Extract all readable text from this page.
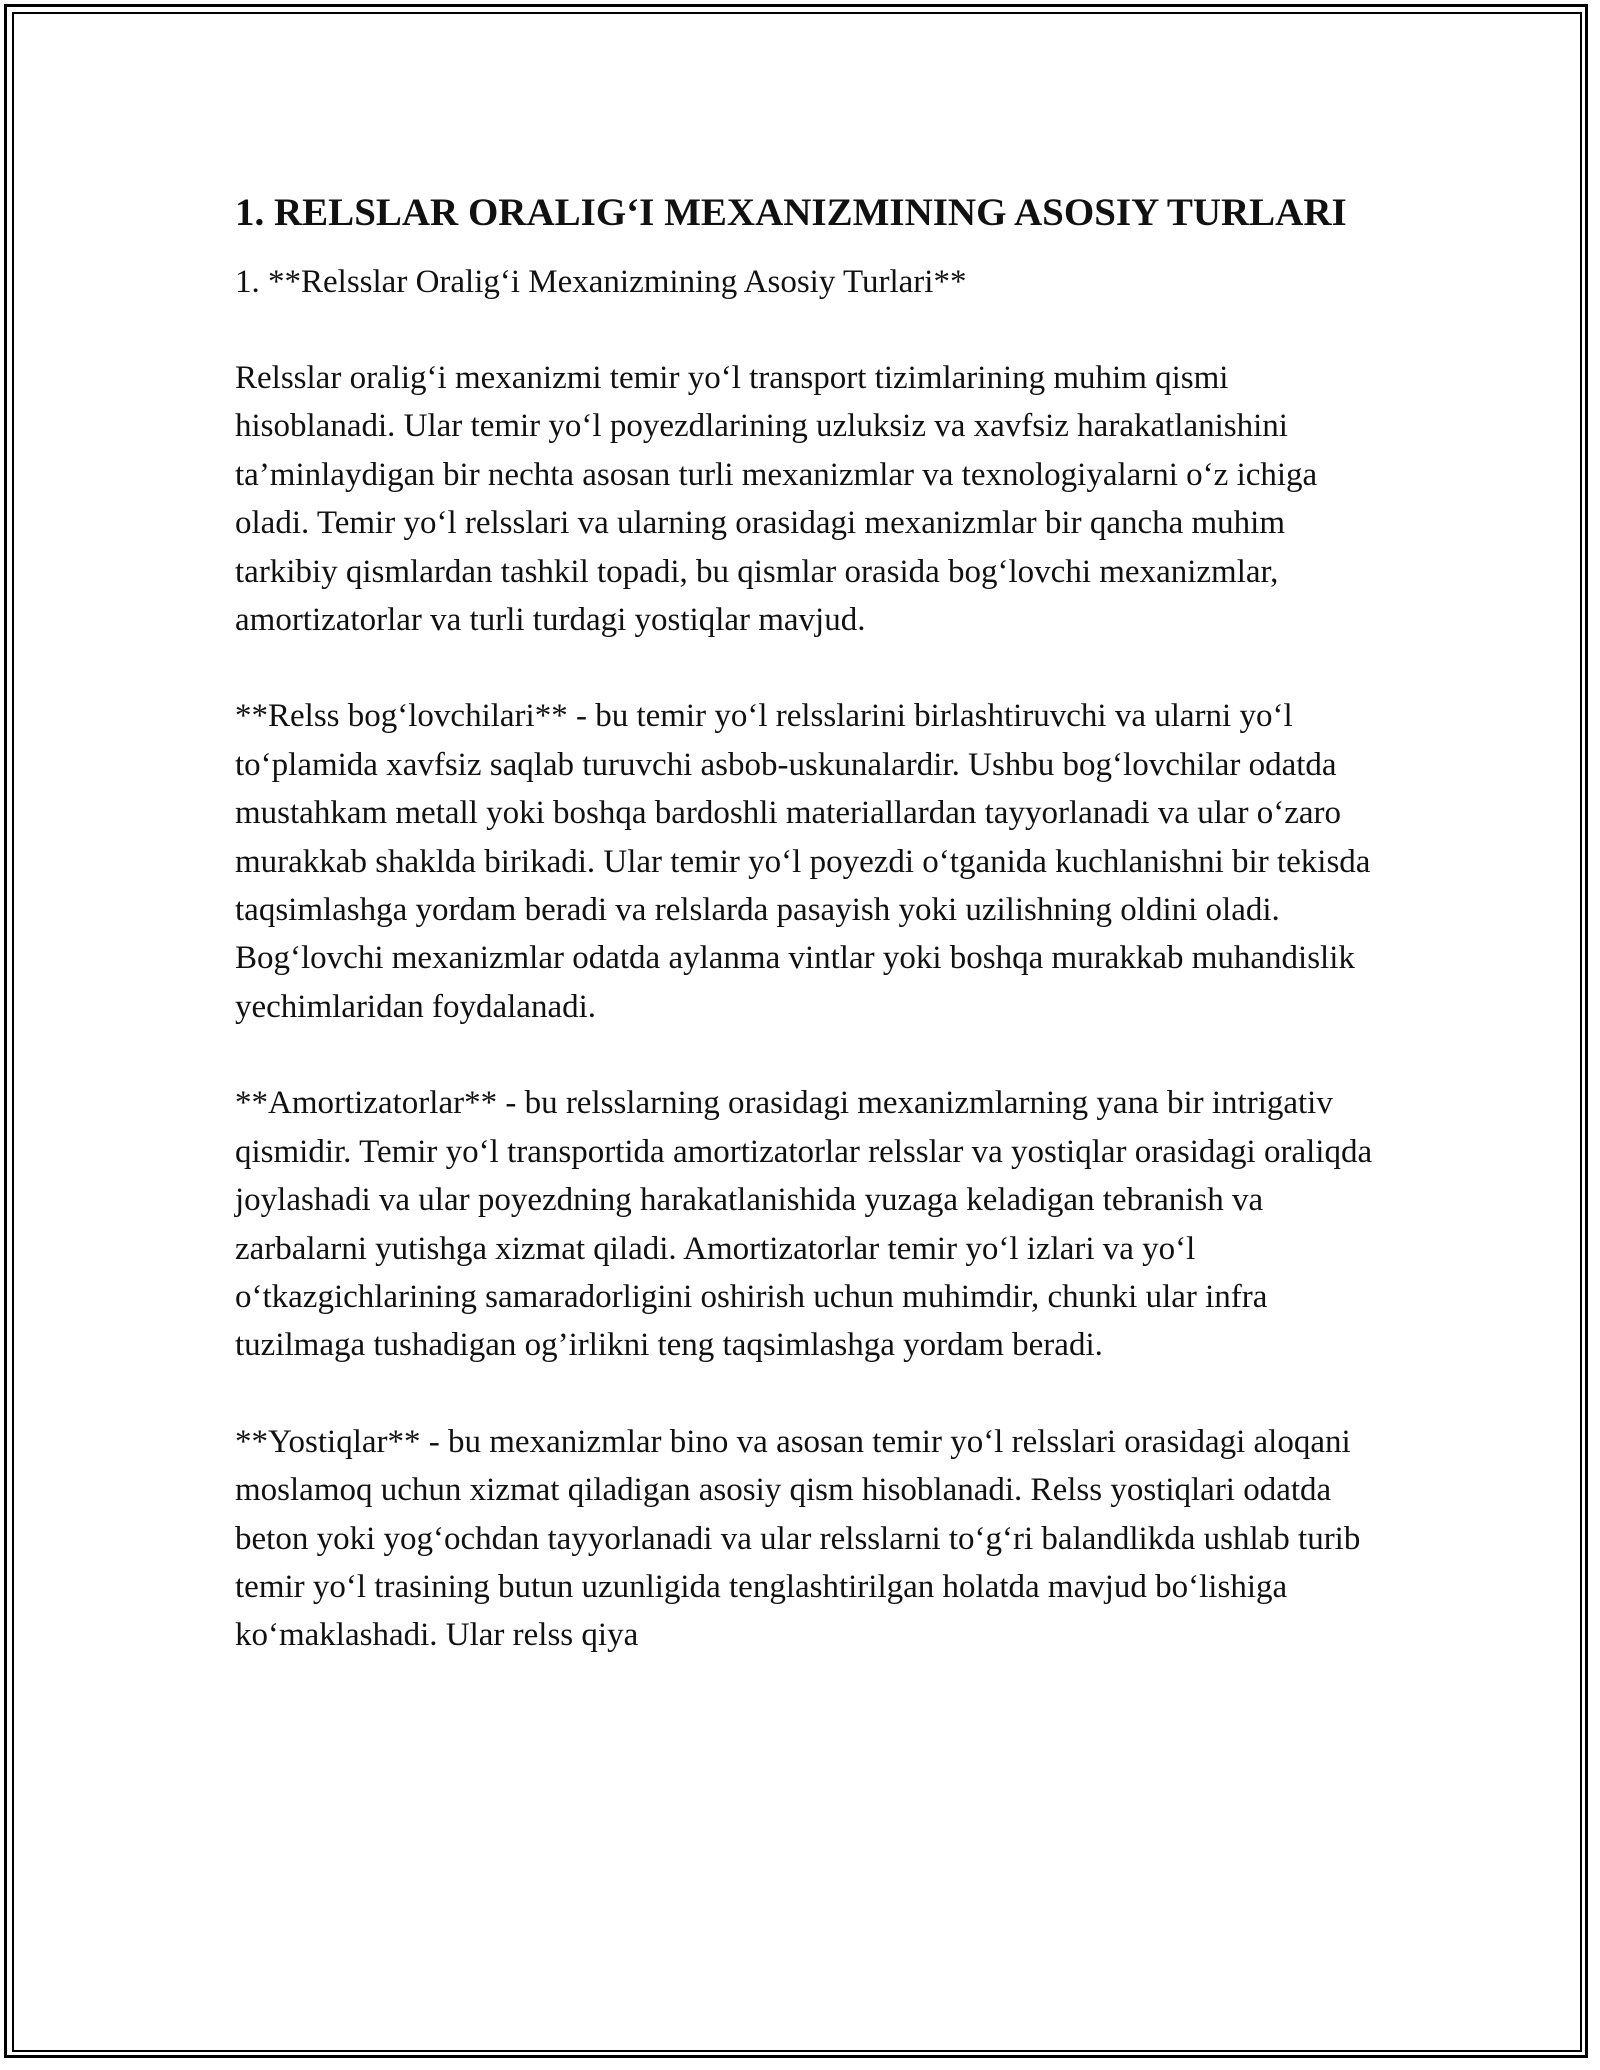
1. RELSLAR ORALIG‘I MEXANIZMINING ASOSIY TURLARI

1. **Relsslar Oralig‘i Mexanizmining Asosiy Turlari**

Relsslar oralig‘i mexanizmi temir yo‘l transport tizimlarining muhim qismi hisoblanadi. Ular temir yo‘l poyezdlarining uzluksiz va xavfsiz harakatlanishini ta’minlaydigan bir nechta asosan turli mexanizmlar va texnologiyalarni o‘z ichiga oladi. Temir yo‘l relsslari va ularning orasidagi mexanizmlar bir qancha muhim tarkibiy qismlardan tashkil topadi, bu qismlar orasida bog‘lovchi mexanizmlar, amortizatorlar va turli turdagi yostiqlar mavjud.

**Relss bog‘lovchilari** - bu temir yo‘l relsslarini birlashtiruvchi va ularni yo‘l to‘plamida xavfsiz saqlab turuvchi asbob-uskunalardir. Ushbu bog‘lovchilar odatda mustahkam metall yoki boshqa bardoshli materiallardan tayyorlanadi va ular o‘zaro murakkab shaklda birikadi. Ular temir yo‘l poyezdi o‘tganida kuchlanishni bir tekisda taqsimlashga yordam beradi va relslarda pasayish yoki uzilishning oldini oladi. Bog‘lovchi mexanizmlar odatda aylanma vintlar yoki boshqa murakkab muhandislik yechimlaridan foydalanadi.

**Amortizatorlar** - bu relsslarning orasidagi mexanizmlarning yana bir intrigativ qismidir. Temir yo‘l transportida amortizatorlar relsslar va yostiqlar orasidagi oraliqda joylashadi va ular poyezdning harakatlanishida yuzaga keladigan tebranish va zarbalarni yutishga xizmat qiladi. Amortizatorlar temir yo‘l izlari va yo‘l o‘tkazgichlarining samaradorligini oshirish uchun muhimdir, chunki ular infra tuzilmaga tushadigan og’irlikni teng taqsimlashga yordam beradi.

**Yostiqlar** - bu mexanizmlar bino va asosan temir yo‘l relsslari orasidagi aloqani moslamoq uchun xizmat qiladigan asosiy qism hisoblanadi. Relss yostiqlari odatda beton yoki yog‘ochdan tayyorlanadi va ular relsslarni to‘g‘ri balandlikda ushlab turib temir yo‘l trasining butun uzunligida tenglashtirilgan holatda mavjud bo‘lishiga ko‘maklashadi. Ular relss qiya
